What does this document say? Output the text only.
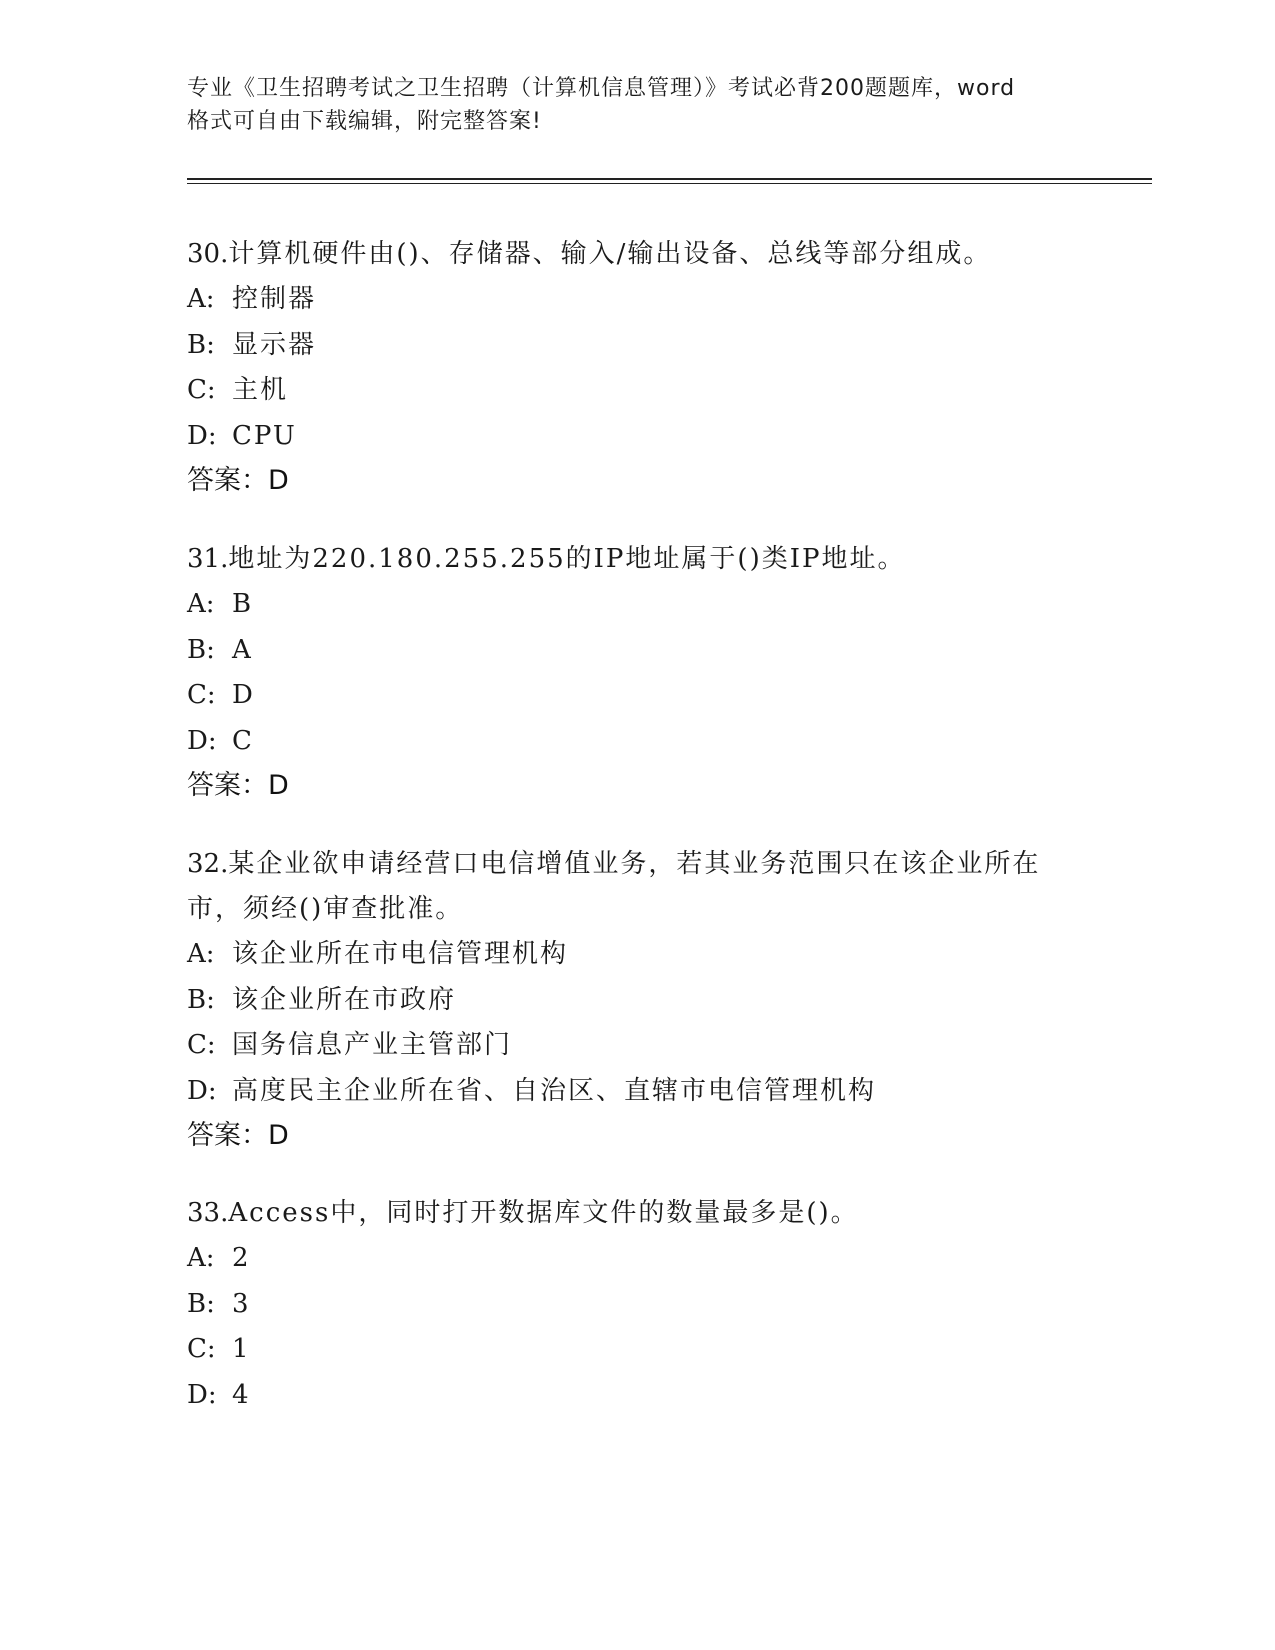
专业《卫生招聘考试之卫生招聘（计算机信息管理）》考试必背200题题库，word
格式可自由下载编辑，附完整答案!

30.计算机硬件由()、存储器、输入/输出设备、总线等部分组成。

A: 控制器
B: 显示器
C: 主机
D: CPU
答案：D

31.地址为220.180.255.255的IP地址属于()类IP地址。

A: B
B: A
C: D
D: C
答案：D

32.某企业欲申请经营口电信增值业务，若其业务范围只在该企业所在
市，须经()审查批准。

A: 该企业所在市电信管理机构
B: 该企业所在市政府
C: 国务信息产业主管部门
D: 高度民主企业所在省、自治区、直辖市电信管理机构
答案：D

33.Access中，同时打开数据库文件的数量最多是()。

A: 2
B: 3
C: 1
D: 4
